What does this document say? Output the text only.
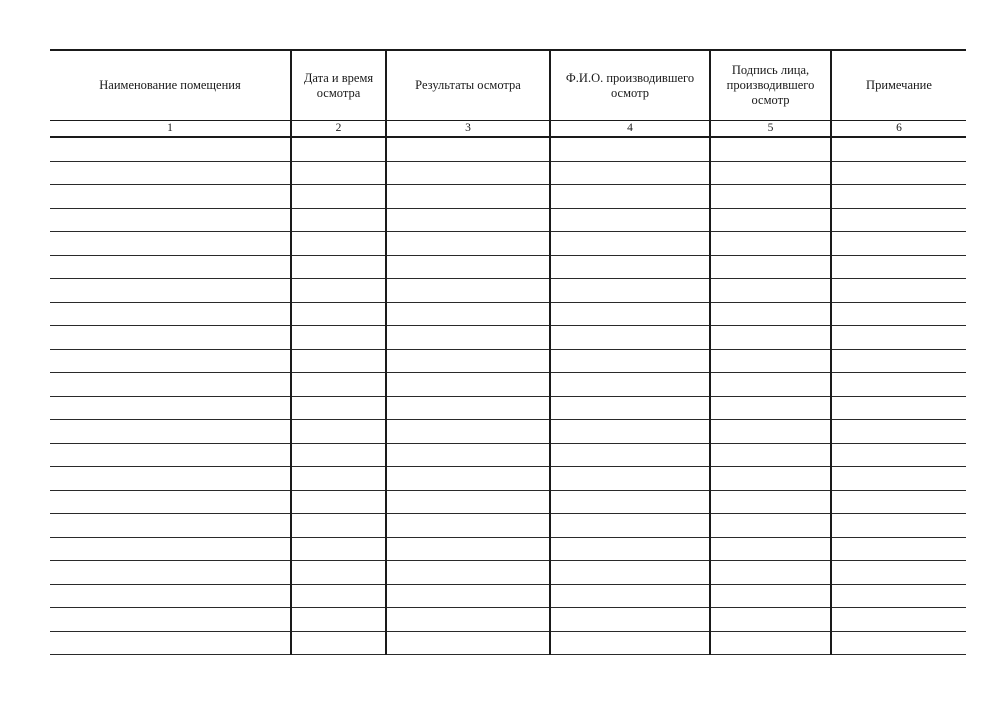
Наименование помещения	Дата и время осмотра	Результаты осмотра	Ф.И.О. производившего осмотр	Подпись лица, производившего осмотр	Примечание
1	2	3	4	5	6
